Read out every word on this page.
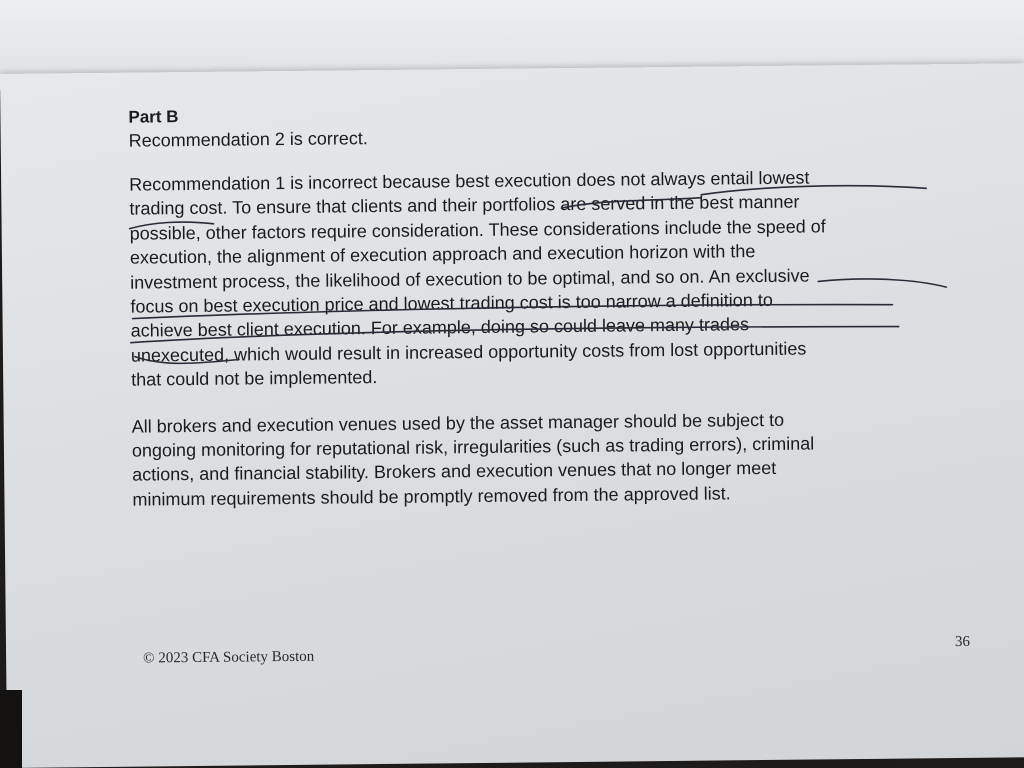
...

Part B

Recommendation 2 is correct.

Recommendation 1 is incorrect because best execution does not always entail lowest

trading cost. To ensure that clients and their portfolios are served in the best manner

possible, other factors require consideration. These considerations include the speed of

execution, the alignment of execution approach and execution horizon with the

investment process, the likelihood of execution to be optimal, and so on. An exclusive

focus on best execution price and lowest trading cost is too narrow a definition to

achieve best client execution. For example, doing so could leave many trades

unexecuted, which would result in increased opportunity costs from lost opportunities

that could not be implemented.

All brokers and execution venues used by the asset manager should be subject to

ongoing monitoring for reputational risk, irregularities (such as trading errors), criminal

actions, and financial stability. Brokers and execution venues that no longer meet

minimum requirements should be promptly removed from the approved list.

© 2023 CFA Society Boston
36
